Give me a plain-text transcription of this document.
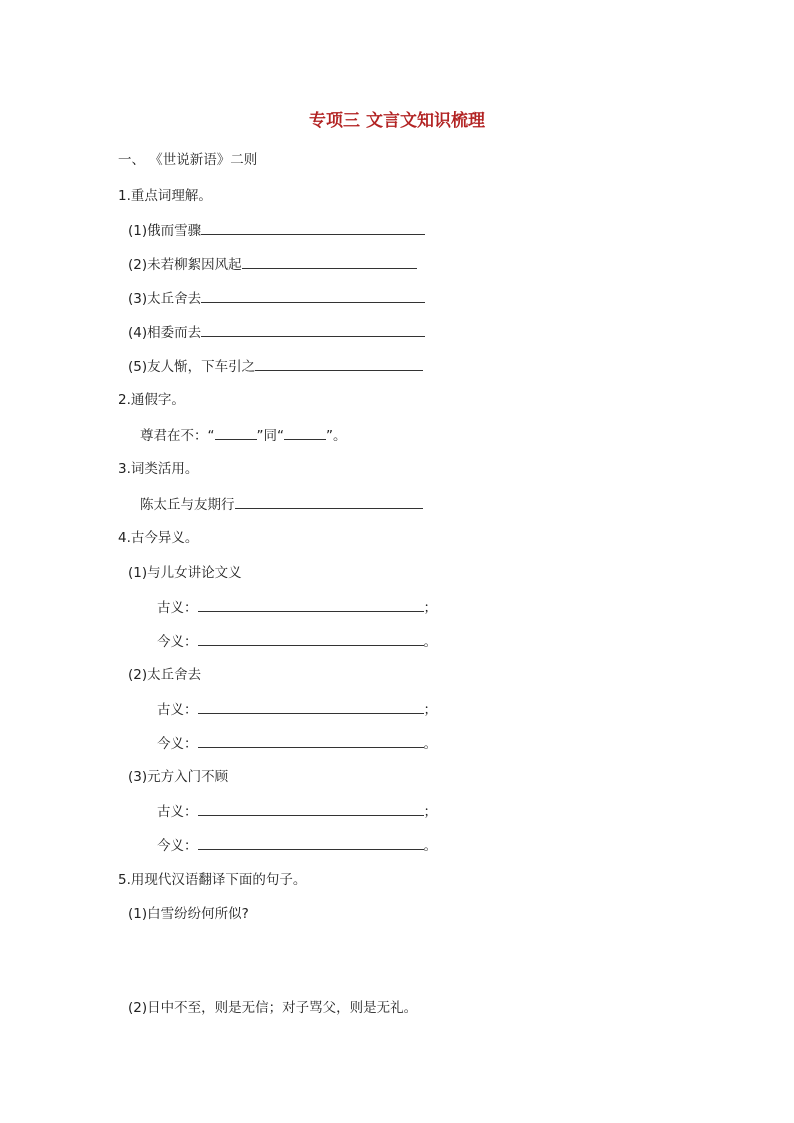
专项三 文言文知识梳理
一、 《世说新语》二则
1.重点词理解。
(1)俄而雪骤
(2)未若柳絮因风起
(3)太丘舍去
(4)相委而去
(5)友人惭，下车引之
2.通假字。
尊君在不：“	”同“	”。
3.词类活用。
陈太丘与友期行
4.古今异义。
(1)与儿女讲论文义
古义：	；
今义：	。
(2)太丘舍去
古义：	；
今义：	。
(3)元方入门不顾
古义：	；
今义：	。
5.用现代汉语翻译下面的句子。
(1)白雪纷纷何所似?
(2)日中不至，则是无信；对子骂父，则是无礼。
